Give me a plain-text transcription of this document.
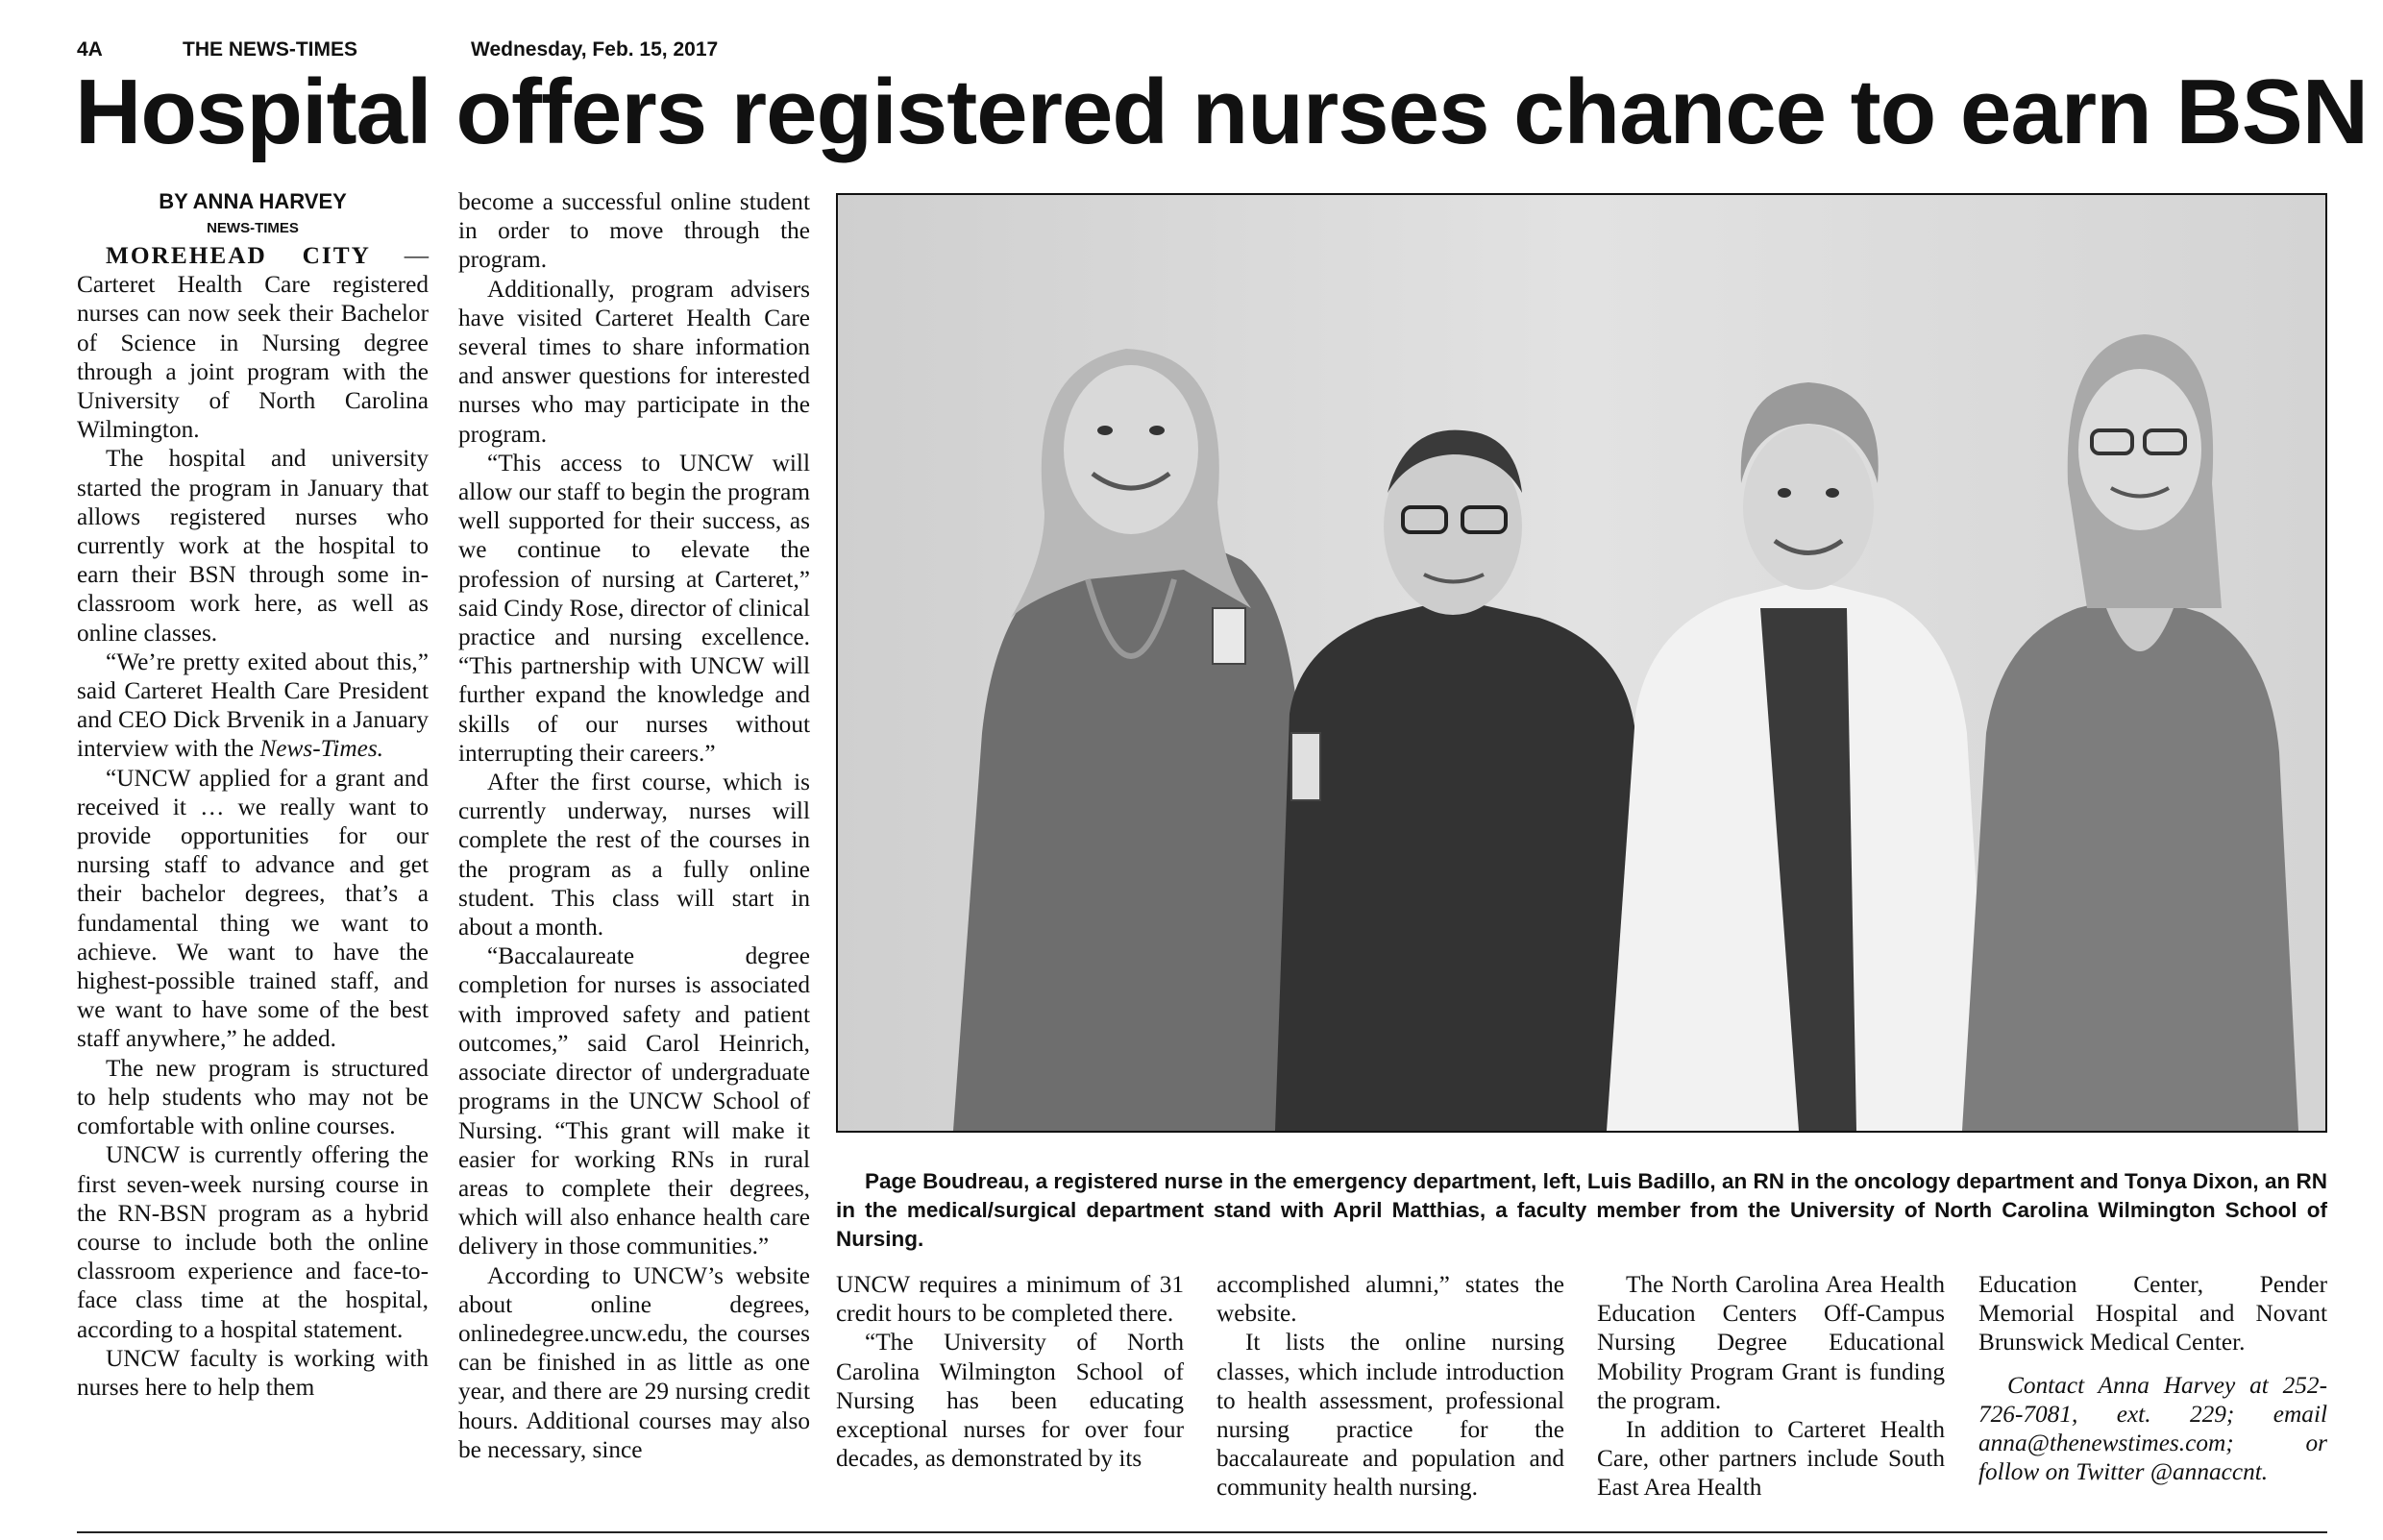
4A	THE NEWS-TIMES	Wednesday, Feb. 15, 2017
Hospital offers registered nurses chance to earn BSN

BY ANNA HARVEY

NEWS-TIMES

MOREHEAD CITY — Carteret Health Care registered nurses can now seek their Bachelor of Science in Nursing degree through a joint program with the University of North Carolina Wilmington.

The hospital and university started the program in January that allows registered nurses who currently work at the hospital to earn their BSN through some in-classroom work here, as well as online classes.

“We’re pretty exited about this,” said Carteret Health Care President and CEO Dick Brvenik in a January interview with the News-Times.

“UNCW applied for a grant and received it … we really want to provide opportunities for our nursing staff to advance and get their bachelor degrees, that’s a fundamental thing we want to achieve. We want to have the highest-possible trained staff, and we want to have some of the best staff anywhere,” he added.

The new program is structured to help students who may not be comfortable with online courses.

UNCW is currently offering the first seven-week nursing course in the RN-BSN program as a hybrid course to include both the online classroom experience and face-to-face class time at the hospital, according to a hospital statement.

UNCW faculty is working with nurses here to help them

become a successful online student in order to move through the program.

Additionally, program advisers have visited Carteret Health Care several times to share information and answer questions for interested nurses who may participate in the program.

“This access to UNCW will allow our staff to begin the program well supported for their success, as we continue to elevate the profession of nursing at Carteret,” said Cindy Rose, director of clinical practice and nursing excellence. “This partnership with UNCW will further expand the knowledge and skills of our nurses without interrupting their careers.”

After the first course, which is currently underway, nurses will complete the rest of the courses in the program as a fully online student. This class will start in about a month.

“Baccalaureate degree completion for nurses is associated with improved safety and patient outcomes,” said Carol Heinrich, associate director of undergraduate programs in the UNCW School of Nursing. “This grant will make it easier for working RNs in rural areas to complete their degrees, which will also enhance health care delivery in those communities.”

According to UNCW’s website about online degrees, onlinedegree.uncw.edu, the courses can be finished in as little as one year, and there are 29 nursing credit hours. Additional courses may also be necessary, since

Page Boudreau, a registered nurse in the emergency department, left, Luis Badillo, an RN in the oncology department and Tonya Dixon, an RN in the medical/surgical department stand with April Matthias, a faculty member from the University of North Carolina Wilmington School of Nursing.

UNCW requires a minimum of 31 credit hours to be completed there.

“The University of North Carolina Wilmington School of Nursing has been educating exceptional nurses for over four decades, as demonstrated by its

accomplished alumni,” states the website.

It lists the online nursing classes, which include introduction to health assessment, professional nursing practice for the baccalaureate and population and community health nursing.

The North Carolina Area Health Education Centers Off-Campus Nursing Degree Educational Mobility Program Grant is funding the program.

In addition to Carteret Health Care, other partners include South East Area Health

Education Center, Pender Memorial Hospital and Novant Brunswick Medical Center.

Contact Anna Harvey at 252-726-7081, ext. 229; email anna@thenewstimes.com; or follow on Twitter @annaccnt.
